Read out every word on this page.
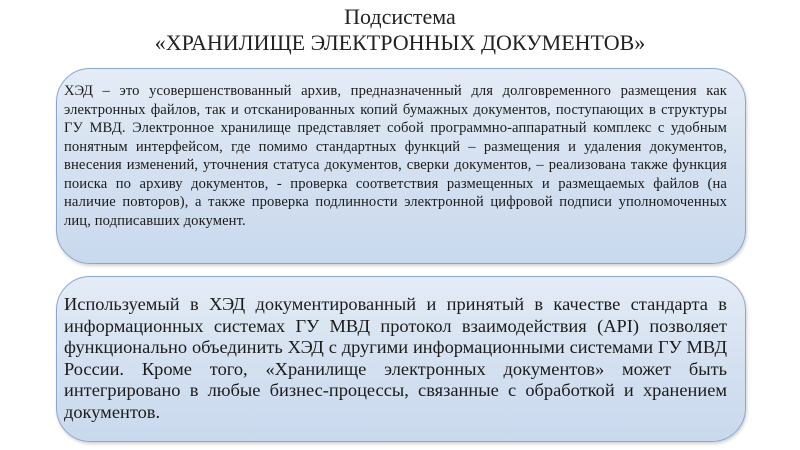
Подсистема
«ХРАНИЛИЩЕ ЭЛЕКТРОННЫХ ДОКУМЕНТОВ»
ХЭД – это усовершенствованный архив, предназначенный для долговременного размещения как электронных файлов, так и отсканированных копий бумажных документов, поступающих в структуры ГУ МВД. Электронное хранилище представляет собой программно-аппаратный комплекс с удобным понятным интерфейсом, где помимо стандартных функций – размещения и удаления документов, внесения изменений, уточнения статуса документов, сверки документов, – реализована также функция поиска по архиву документов, - проверка соответствия размещенных и размещаемых файлов (на наличие повторов), а также проверка подлинности электронной цифровой подписи уполномоченных лиц, подписавших документ.
Используемый в ХЭД документированный и принятый в качестве стандарта в информационных системах ГУ МВД протокол взаимодействия (API) позволяет функционально объединить ХЭД с другими информационными системами ГУ МВД России. Кроме того, «Хранилище электронных документов» может быть интегрировано в любые бизнес-процессы, связанные с обработкой и хранением документов.
